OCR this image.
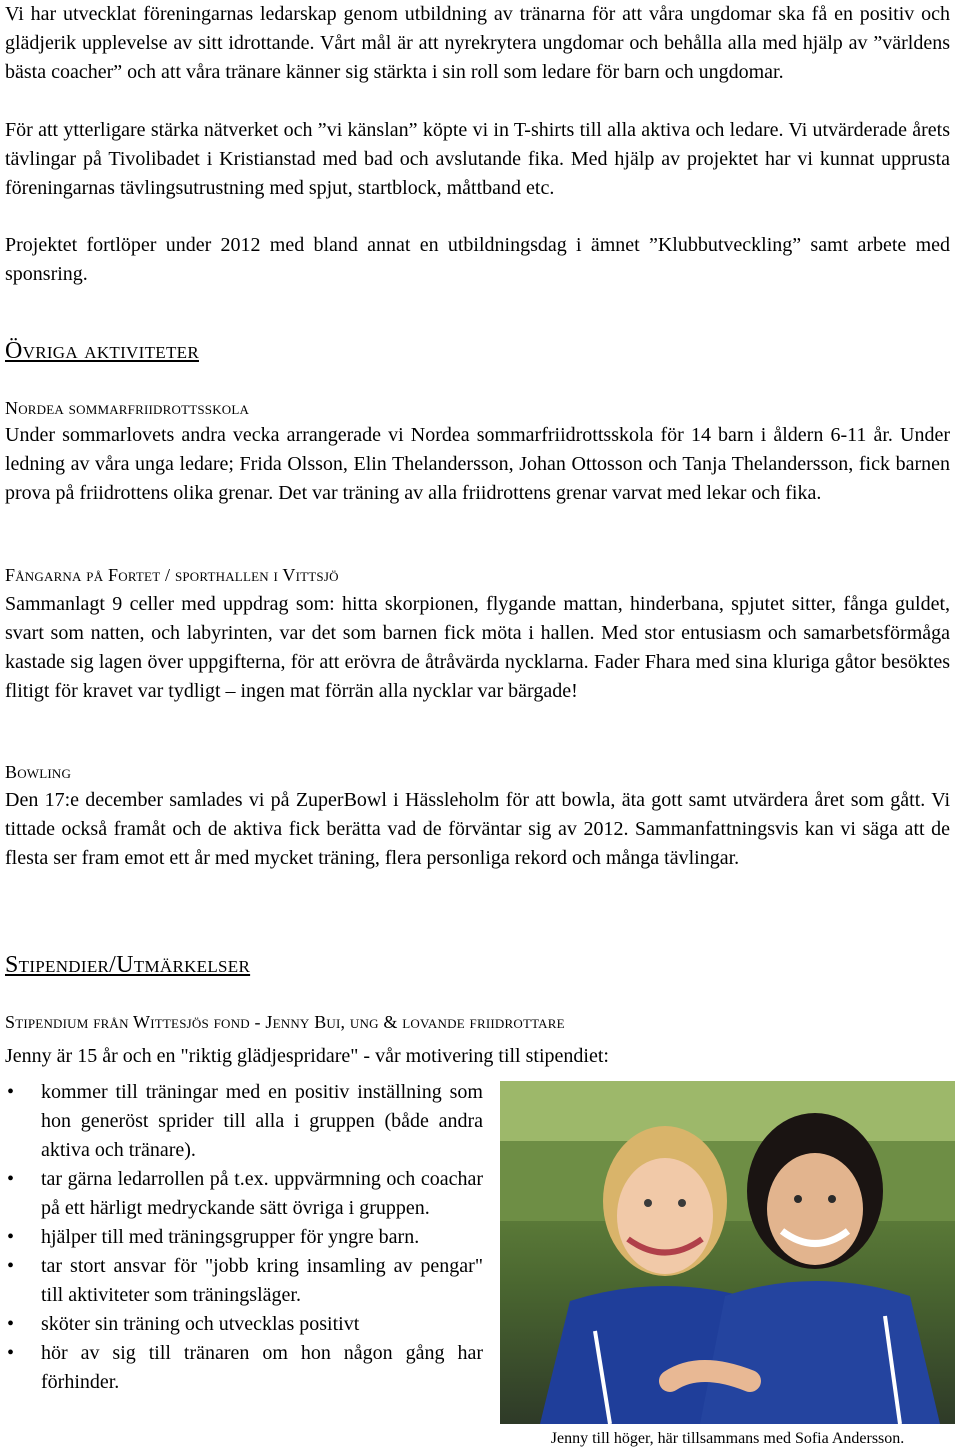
Vi har utvecklat föreningarnas ledarskap genom utbildning av tränarna för att våra ungdomar ska få en positiv och glädjerik upplevelse av sitt idrottande. Vårt mål är att nyrekrytera ungdomar och behålla alla med hjälp av ”världens bästa coacher” och att våra tränare känner sig stärkta i sin roll som ledare för barn och ungdomar.

För att ytterligare stärka nätverket och ”vi känslan” köpte vi in T-shirts till alla aktiva och ledare. Vi utvärderade årets tävlingar på Tivolibadet i Kristianstad med bad och avslutande fika. Med hjälp av projektet har vi kunnat upprusta föreningarnas tävlingsutrustning med spjut, startblock, måttband etc.

Projektet fortlöper under 2012 med bland annat en utbildningsdag i ämnet ”Klubbutveckling” samt arbete med sponsring.

Övriga aktiviteter
Nordea sommarfriidrottsskola

Under sommarlovets andra vecka arrangerade vi Nordea sommarfriidrottsskola för 14 barn i åldern 6-11 år. Under ledning av våra unga ledare; Frida Olsson, Elin Thelandersson, Johan Ottosson och Tanja Thelandersson, fick barnen prova på friidrottens olika grenar. Det var träning av alla friidrottens grenar varvat med lekar och fika.

Fångarna på Fortet / sporthallen i Vittsjö

Sammanlagt 9 celler med uppdrag som: hitta skorpionen, flygande mattan, hinderbana, spjutet sitter, fånga guldet, svart som natten, och labyrinten, var det som barnen fick möta i hallen. Med stor entusiasm och samarbetsförmåga kastade sig lagen över uppgifterna, för att erövra de åtråvärda nycklarna. Fader Fhara med sina kluriga gåtor besöktes flitigt för kravet var tydligt – ingen mat förrän alla nycklar var bärgade!

Bowling

Den 17:e december samlades vi på ZuperBowl i Hässleholm för att bowla, äta gott samt utvärdera året som gått. Vi tittade också framåt och de aktiva fick berätta vad de förväntar sig av 2012. Sammanfattningsvis kan vi säga att de flesta ser fram emot ett år med mycket träning, flera personliga rekord och många tävlingar.

Stipendier/Utmärkelser
Stipendium från Wittesjös fond - Jenny Bui, ung & lovande friidrottare

Jenny är 15 år och en "riktig glädjespridare" - vår motivering till stipendiet:

• kommer till träningar med en positiv inställning som hon generöst sprider till alla i gruppen (både andra aktiva och tränare).
• tar gärna ledarrollen på t.ex. uppvärmning och coachar på ett härligt medryckande sätt övriga i gruppen.
• hjälper till med träningsgrupper för yngre barn.
• tar stort ansvar för "jobb kring insamling av pengar" till aktiviteter som träningsläger.
• sköter sin träning och utvecklas positivt
• hör av sig till tränaren om hon någon gång har förhinder.
Jenny till höger, här tillsammans med Sofia Andersson.
